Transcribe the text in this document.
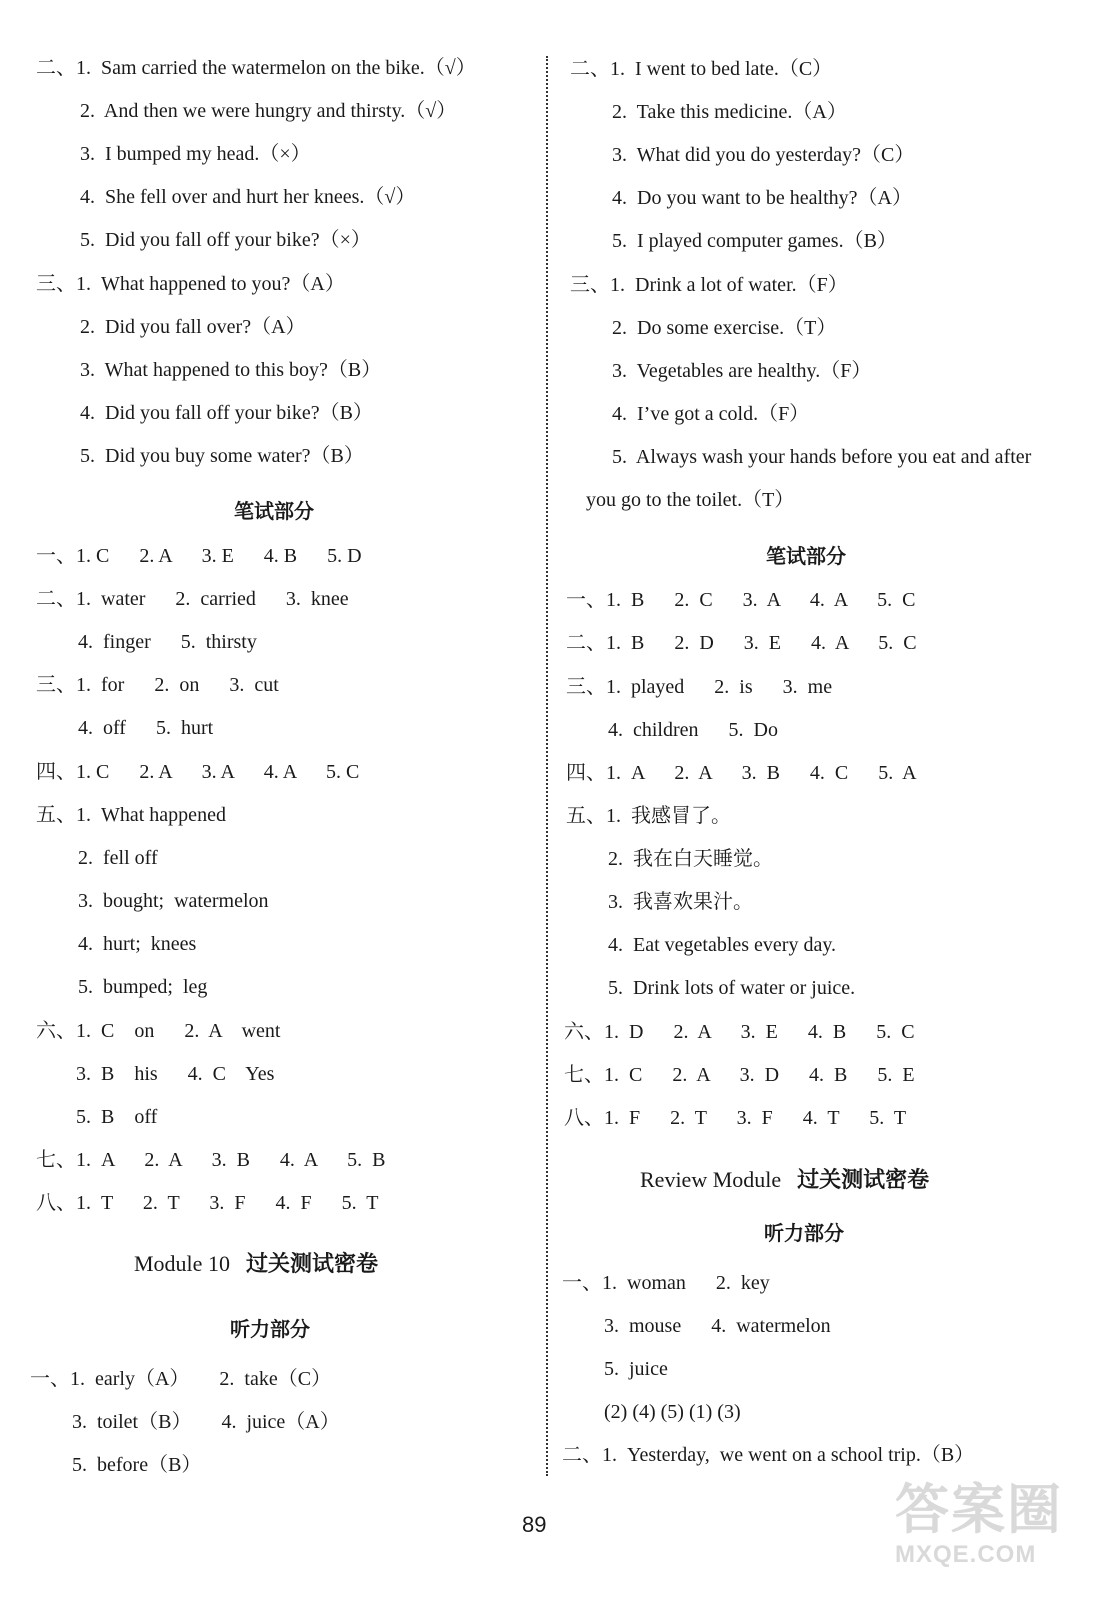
二、1.  Sam carried the watermelon on the bike.（√）
2.  And then we were hungry and thirsty.（√）
3.  I bumped my head.（×）
4.  She fell over and hurt her knees.（√）
5.  Did you fall off your bike?（×）
三、1.  What happened to you?（A）
2.  Did you fall over?（A）
3.  What happened to this boy?（B）
4.  Did you fall off your bike?（B）
5.  Did you buy some water?（B）
笔试部分
一、1. C      2. A      3. E      4. B      5. D
二、1.  water      2.  carried      3.  knee
4.  finger      5.  thirsty
三、1.  for      2.  on      3.  cut
4.  off      5.  hurt
四、1. C      2. A      3. A      4. A      5. C
五、1.  What happened
2.  fell off
3.  bought;  watermelon
4.  hurt;  knees
5.  bumped;  leg
六、1.  C    on      2.  A    went
3.  B    his      4.  C    Yes
5.  B    off
七、1.  A      2.  A      3.  B      4.  A      5.  B
八、1.  T      2.  T      3.  F      4.  F      5.  T
Module 10 过关测试密卷
听力部分
一、1.  early（A）      2.  take（C）
3.  toilet（B）      4.  juice（A）
5.  before（B）
二、1.  I went to bed late.（C）
2.  Take this medicine.（A）
3.  What did you do yesterday?（C）
4.  Do you want to be healthy?（A）
5.  I played computer games.（B）
三、1.  Drink a lot of water.（F）
2.  Do some exercise.（T）
3.  Vegetables are healthy.（F）
4.  I’ve got a cold.（F）
5.  Always wash your hands before you eat and after
you go to the toilet.（T）
笔试部分
一、1.  B      2.  C      3.  A      4.  A      5.  C
二、1.  B      2.  D      3.  E      4.  A      5.  C
三、1.  played      2.  is      3.  me
4.  children      5.  Do
四、1.  A      2.  A      3.  B      4.  C      5.  A
五、1.  我感冒了。
2.  我在白天睡觉。
3.  我喜欢果汁。
4.  Eat vegetables every day.
5.  Drink lots of water or juice.
六、1.  D      2.  A      3.  E      4.  B      5.  C
七、1.  C      2.  A      3.  D      4.  B      5.  E
八、1.  F      2.  T      3.  F      4.  T      5.  T
Review Module 过关测试密卷
听力部分
一、1.  woman      2.  key
3.  mouse      4.  watermelon
5.  juice
(2) (4) (5) (1) (3)
二、1.  Yesterday,  we went on a school trip.（B）
89	答案圈
MXQE.COM
